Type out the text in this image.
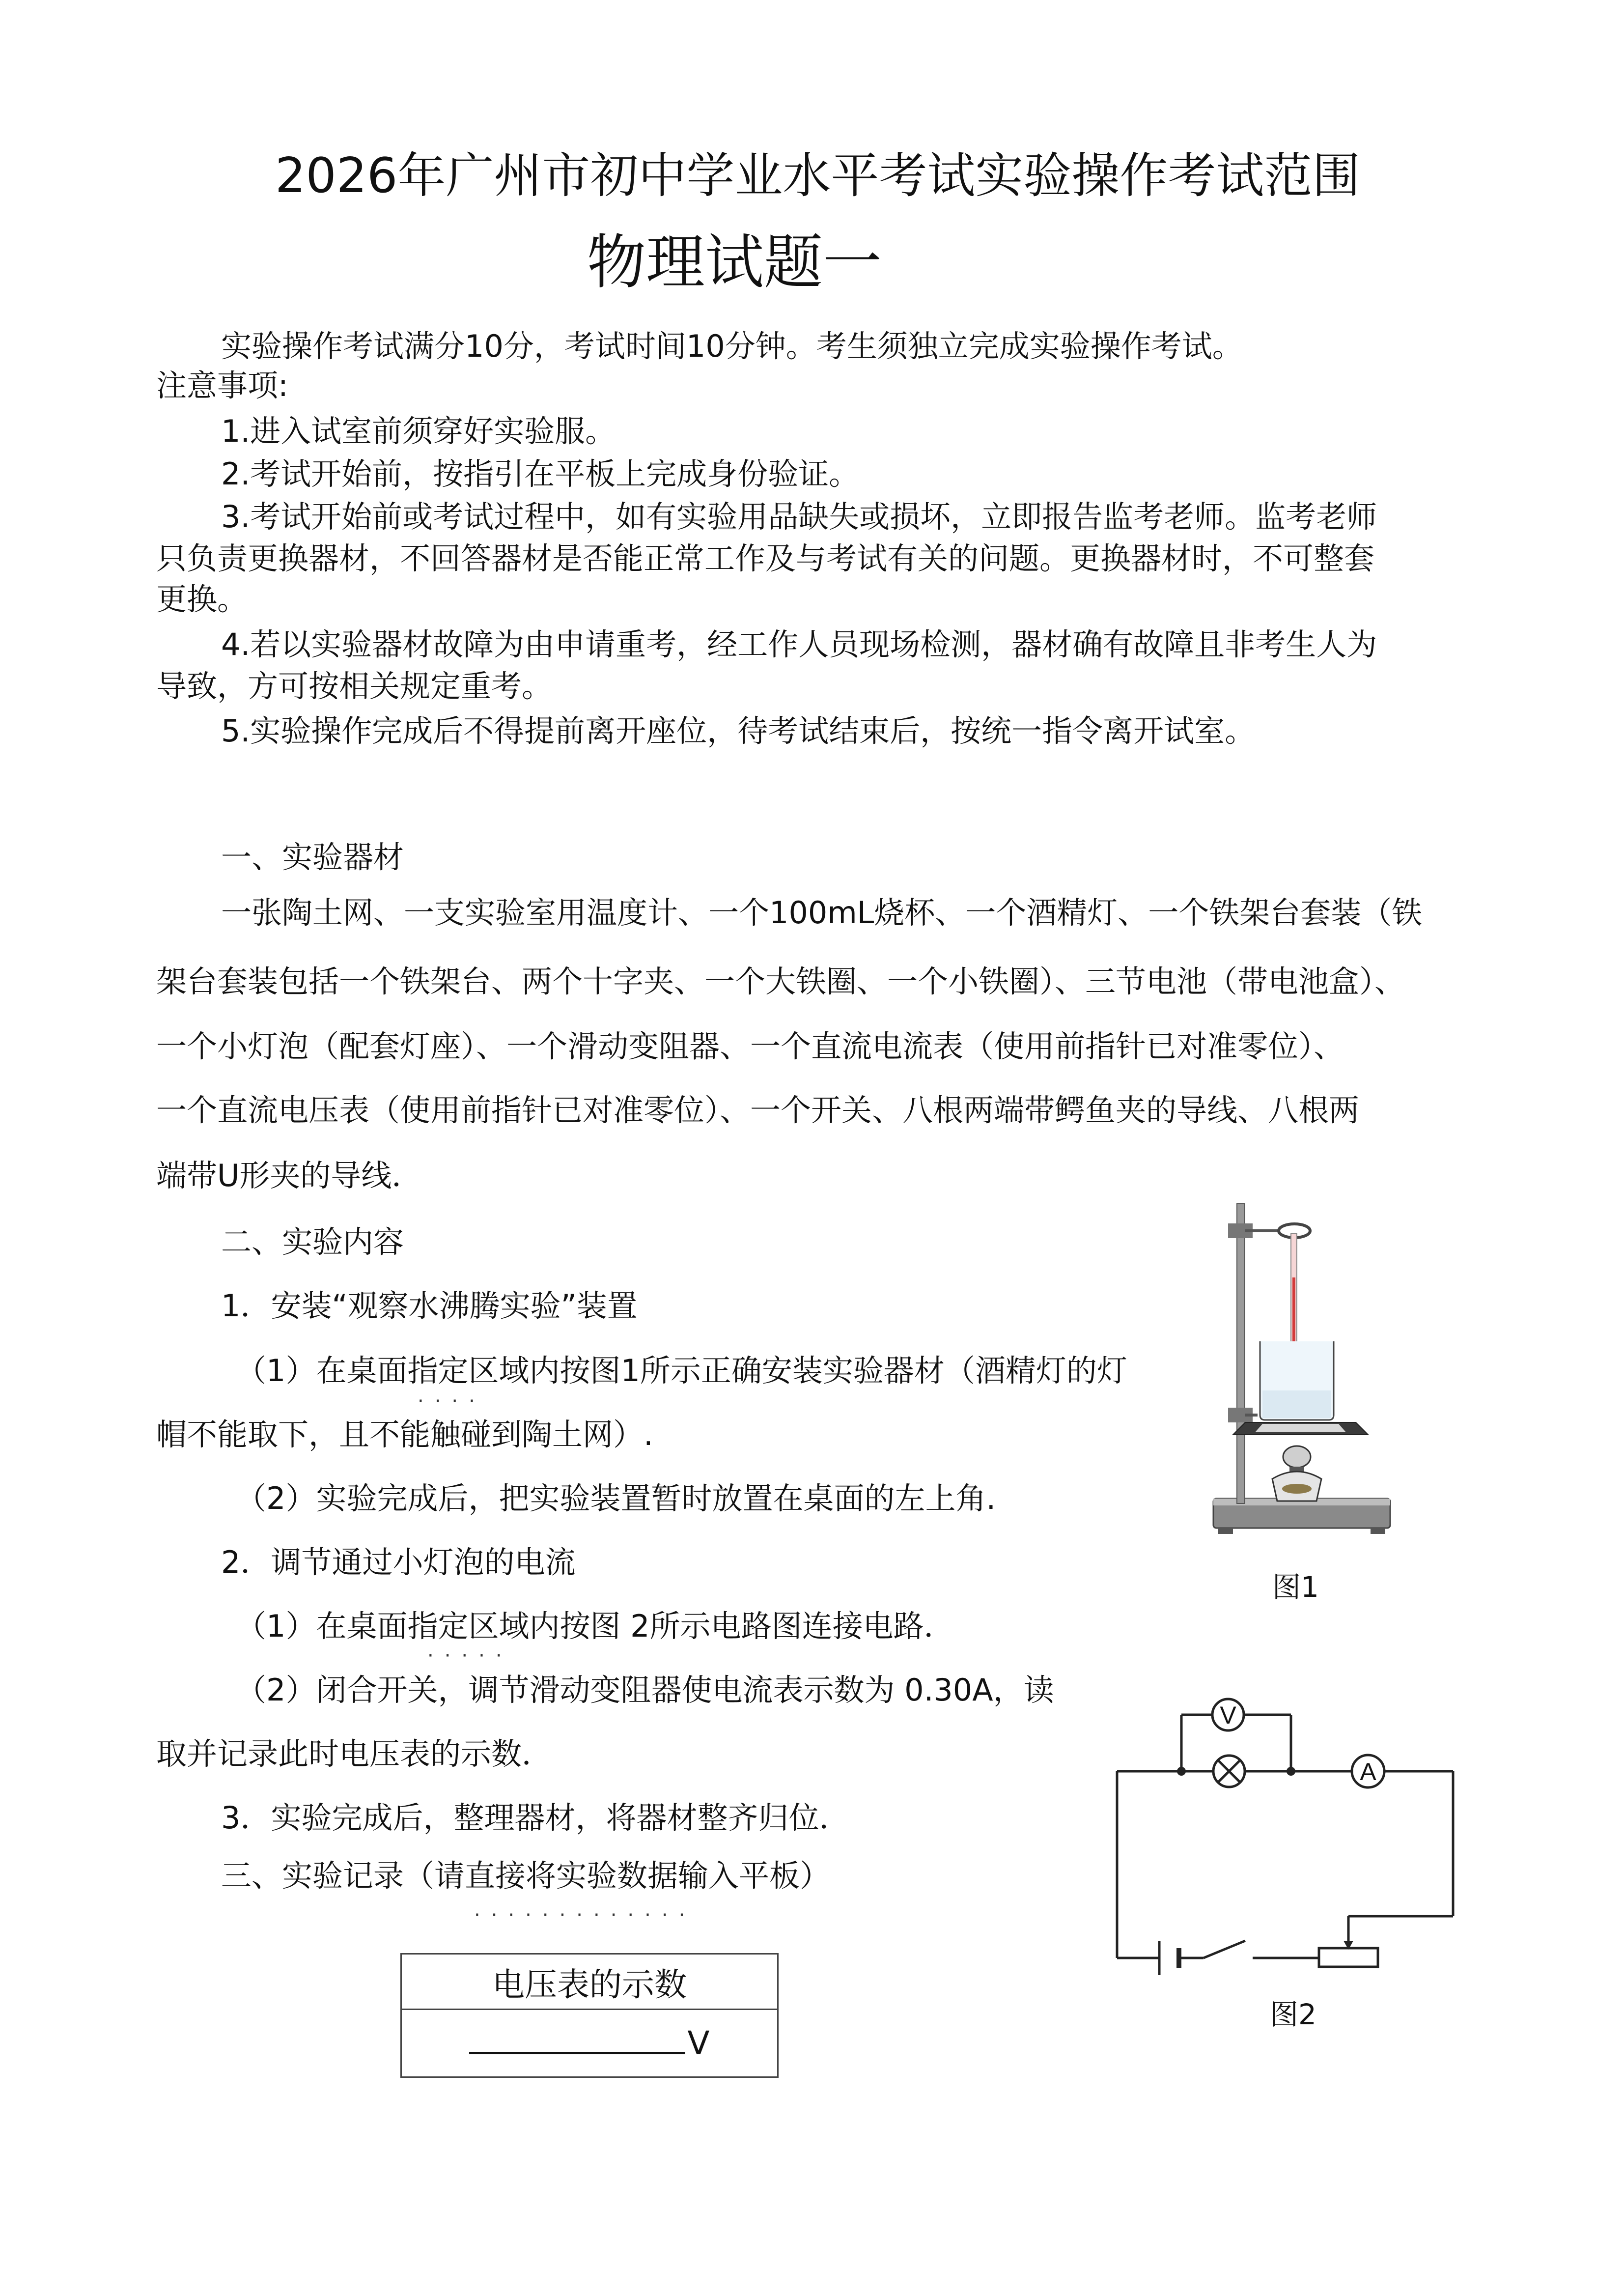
2026年广州市初中学业水平考试实验操作考试范围
物理试题一
实验操作考试满分10分，考试时间10分钟。考生须独立完成实验操作考试。
注意事项:
1.进入试室前须穿好实验服。
2.考试开始前，按指引在平板上完成身份验证。
3.考试开始前或考试过程中，如有实验用品缺失或损坏，立即报告监考老师。监考老师
只负责更换器材，不回答器材是否能正常工作及与考试有关的问题。更换器材时，不可整套
更换。
4.若以实验器材故障为由申请重考，经工作人员现场检测，器材确有故障且非考生人为
导致，方可按相关规定重考。
5.实验操作完成后不得提前离开座位，待考试结束后，按统一指令离开试室。
一、实验器材
一张陶土网、一支实验室用温度计、一个100mL烧杯、一个酒精灯、一个铁架台套装（铁
架台套装包括一个铁架台、两个十字夹、一个大铁圈、一个小铁圈）、三节电池（带电池盒）、
一个小灯泡（配套灯座）、一个滑动变阻器、一个直流电流表（使用前指针已对准零位）、
一个直流电压表（使用前指针已对准零位）、一个开关、八根两端带鳄鱼夹的导线、八根两
端带U形夹的导线．
二、实验内容
1．安装“观察水沸腾实验”装置
（1）在桌面指定区域内按图1所示正确安装实验器材（酒精灯的灯
····
帽不能取下，且不能触碰到陶土网）.
（2）实验完成后，把实验装置暂时放置在桌面的左上角.
2．调节通过小灯泡的电流
（1）在桌面指定区域内按图 2所示电路图连接电路．
·····
（2）闭合开关，调节滑动变阻器使电流表示数为 0.30A，读
取并记录此时电压表的示数．
3．实验完成后，整理器材，将器材整齐归位．
三、实验记录（请直接将实验数据输入平板）
·············
电压表的示数
V
图1
V
A
图2
